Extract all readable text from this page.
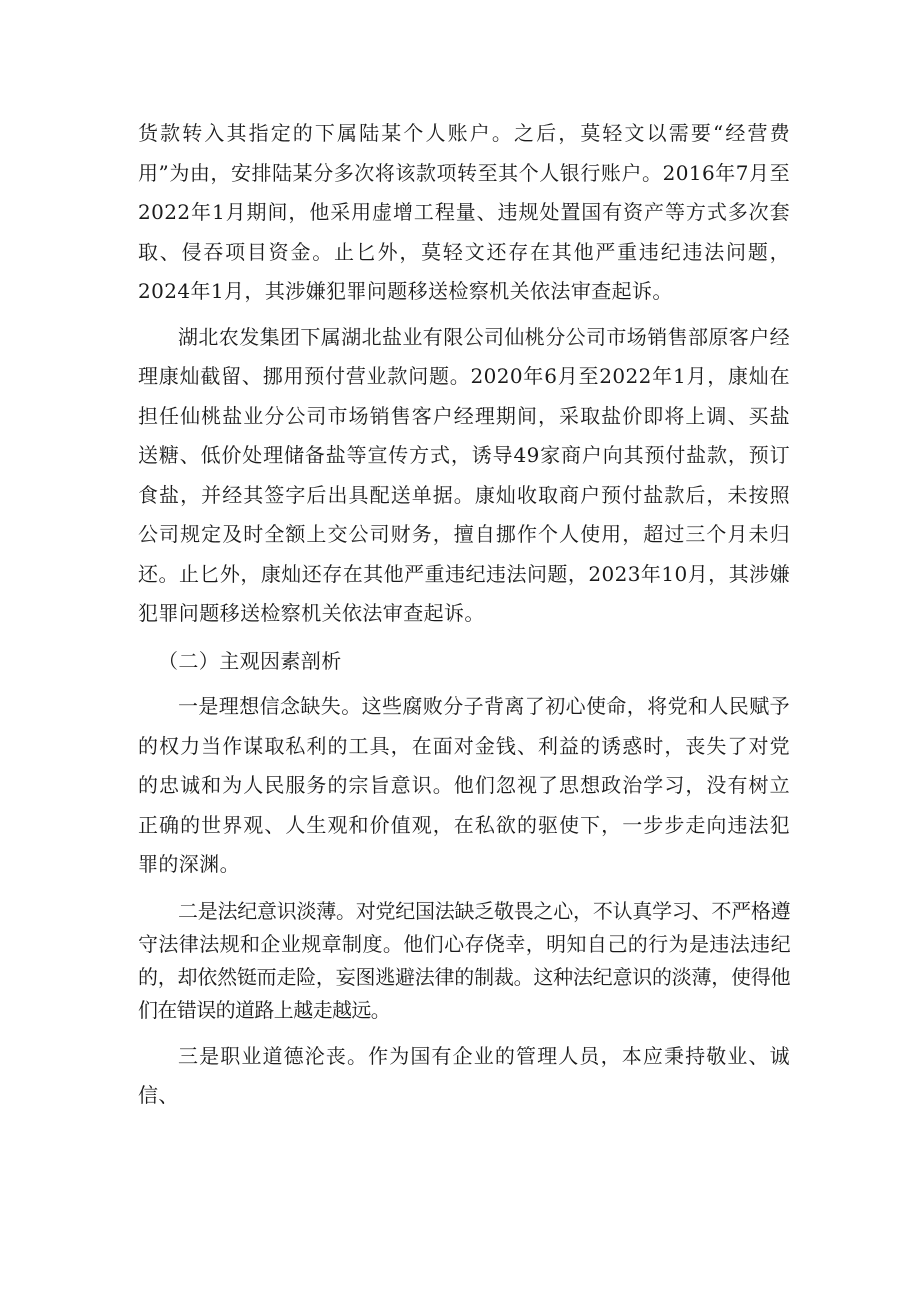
货款转入其指定的下属陆某个人账户。之后，莫轻文以需要“经营费用”为由，安排陆某分多次将该款项转至其个人银行账户。2016年7月至2022年1月期间，他采用虚增工程量、违规处置国有资产等方式多次套取、侵吞项目资金。止匕外，莫轻文还存在其他严重违纪违法问题，2024年1月，其涉嫌犯罪问题移送检察机关依法审查起诉。

湖北农发集团下属湖北盐业有限公司仙桃分公司市场销售部原客户经理康灿截留、挪用预付营业款问题。2020年6月至2022年1月，康灿在担任仙桃盐业分公司市场销售客户经理期间，采取盐价即将上调、买盐送糖、低价处理储备盐等宣传方式，诱导49家商户向其预付盐款，预订食盐，并经其签字后出具配送单据。康灿收取商户预付盐款后，未按照公司规定及时全额上交公司财务，擅自挪作个人使用，超过三个月未归还。止匕外，康灿还存在其他严重违纪违法问题，2023年10月，其涉嫌犯罪问题移送检察机关依法审查起诉。

（二）主观因素剖析

一是理想信念缺失。这些腐败分子背离了初心使命，将党和人民赋予的权力当作谋取私利的工具，在面对金钱、利益的诱惑时，丧失了对党的忠诚和为人民服务的宗旨意识。他们忽视了思想政治学习，没有树立正确的世界观、人生观和价值观，在私欲的驱使下，一步步走向违法犯罪的深渊。

二是法纪意识淡薄。对党纪国法缺乏敬畏之心，不认真学习、不严格遵守法律法规和企业规章制度。他们心存侥幸，明知自己的行为是违法违纪的，却依然铤而走险，妄图逃避法律的制裁。这种法纪意识的淡薄，使得他们在错误的道路上越走越远。

三是职业道德沦丧。作为国有企业的管理人员，本应秉持敬业、诚信、
